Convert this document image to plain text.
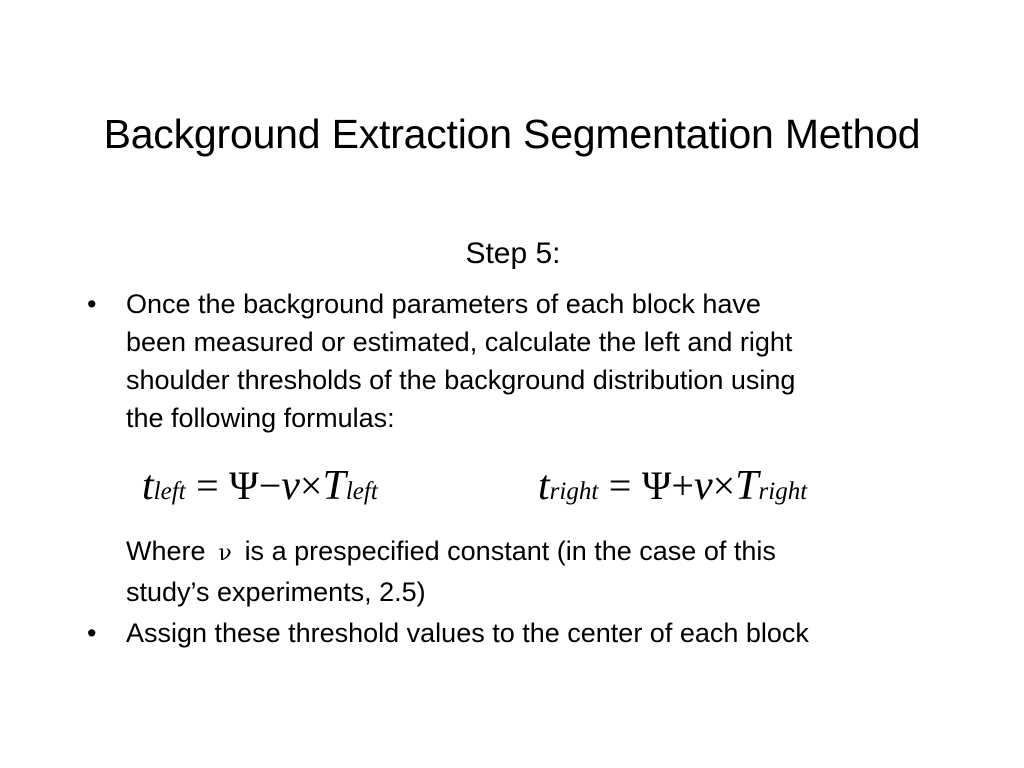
Background Extraction Segmentation Method
Step 5:
• Once the background parameters of each block have
been measured or estimated, calculate the left and right
shoulder thresholds of the background distribution using
the following formulas:
tleft = Ψ−ν×Tleft	tright = Ψ+ν×Tright
Where ν is a prespecified constant (in the case of this
study’s experiments, 2.5)
• Assign these threshold values to the center of each block
